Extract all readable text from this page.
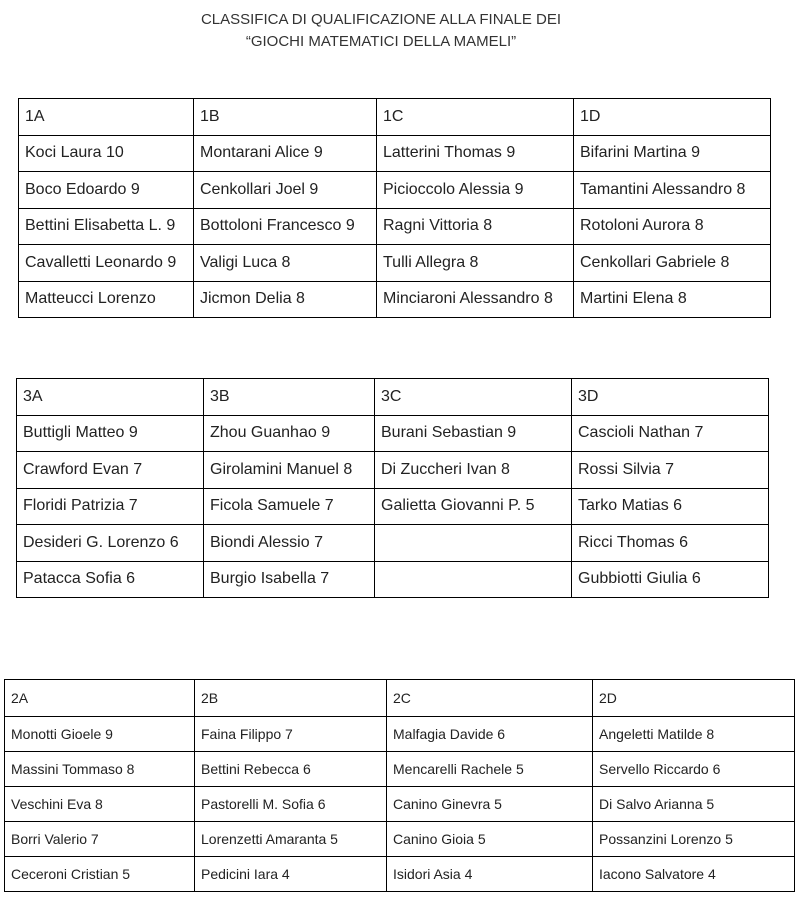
CLASSIFICA DI QUALIFICAZIONE ALLA FINALE DEI
“GIOCHI MATEMATICI DELLA MAMELI”
1A	1B	1C	1D
Koci Laura 10	Montarani Alice 9	Latterini Thomas 9	Bifarini Martina 9
Boco Edoardo 9	Cenkollari Joel 9	Picioccolo Alessia 9	Tamantini Alessandro 8
Bettini Elisabetta L. 9	Bottoloni Francesco 9	Ragni Vittoria 8	Rotoloni Aurora 8
Cavalletti Leonardo 9	Valigi Luca 8	Tulli Allegra 8	Cenkollari Gabriele 8
Matteucci Lorenzo	Jicmon Delia 8	Minciaroni Alessandro 8	Martini Elena 8
3A	3B	3C	3D
Buttigli Matteo 9	Zhou Guanhao 9	Burani Sebastian 9	Cascioli Nathan 7
Crawford Evan 7	Girolamini Manuel 8	Di Zuccheri Ivan 8	Rossi Silvia 7
Floridi Patrizia 7	Ficola Samuele 7	Galietta Giovanni P. 5	Tarko Matias 6
Desideri G. Lorenzo 6	Biondi Alessio 7		Ricci Thomas 6
Patacca Sofia 6	Burgio Isabella 7		Gubbiotti Giulia 6
2A	2B	2C	2D
Monotti Gioele 9	Faina Filippo 7	Malfagia Davide 6	Angeletti Matilde 8
Massini Tommaso 8	Bettini Rebecca 6	Mencarelli Rachele 5	Servello Riccardo 6
Veschini Eva 8	Pastorelli M. Sofia 6	Canino Ginevra 5	Di Salvo Arianna 5
Borri Valerio 7	Lorenzetti Amaranta 5	Canino Gioia 5	Possanzini Lorenzo 5
Ceceroni Cristian 5	Pedicini Iara 4	Isidori Asia 4	Iacono Salvatore 4
